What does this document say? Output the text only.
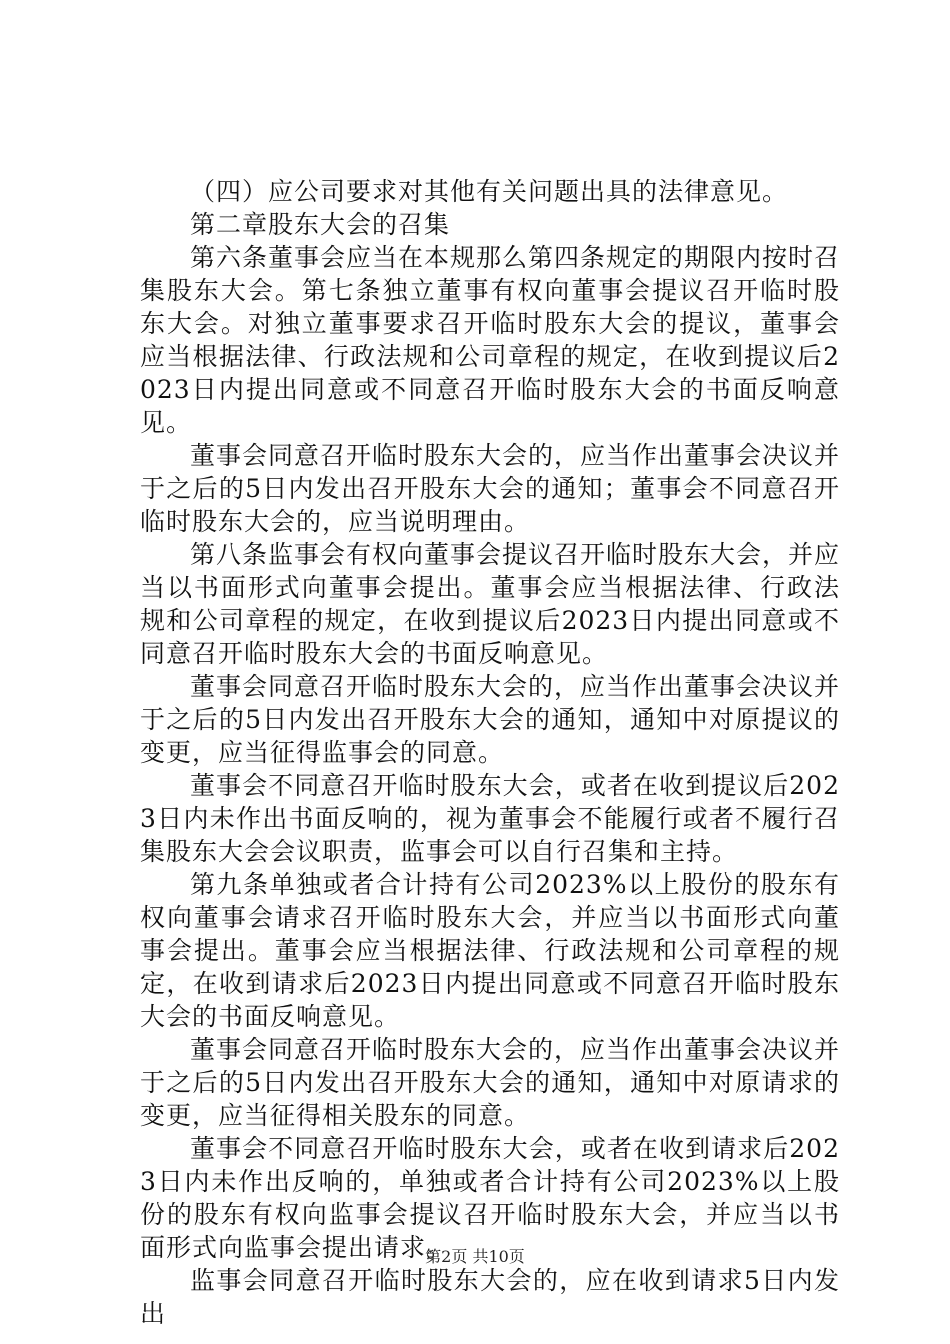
（四）应公司要求对其他有关问题出具的法律意见。

第二章股东大会的召集

第六条董事会应当在本规那么第四条规定的期限内按时召集股东大会。第七条独立董事有权向董事会提议召开临时股东大会。对独立董事要求召开临时股东大会的提议，董事会应当根据法律、行政法规和公司章程的规定，在收到提议后2023日内提出同意或不同意召开临时股东大会的书面反响意见。

董事会同意召开临时股东大会的，应当作出董事会决议并于之后的5日内发出召开股东大会的通知；董事会不同意召开临时股东大会的，应当说明理由。

第八条监事会有权向董事会提议召开临时股东大会，并应当以书面形式向董事会提出。董事会应当根据法律、行政法规和公司章程的规定，在收到提议后2023日内提出同意或不同意召开临时股东大会的书面反响意见。

董事会同意召开临时股东大会的，应当作出董事会决议并于之后的5日内发出召开股东大会的通知，通知中对原提议的变更，应当征得监事会的同意。

董事会不同意召开临时股东大会，或者在收到提议后2023日内未作出书面反响的，视为董事会不能履行或者不履行召集股东大会会议职责，监事会可以自行召集和主持。

第九条单独或者合计持有公司2023%以上股份的股东有权向董事会请求召开临时股东大会，并应当以书面形式向董事会提出。董事会应当根据法律、行政法规和公司章程的规定，在收到请求后2023日内提出同意或不同意召开临时股东大会的书面反响意见。

董事会同意召开临时股东大会的，应当作出董事会决议并于之后的5日内发出召开股东大会的通知，通知中对原请求的变更，应当征得相关股东的同意。

董事会不同意召开临时股东大会，或者在收到请求后2023日内未作出反响的，单独或者合计持有公司2023%以上股份的股东有权向监事会提议召开临时股东大会，并应当以书面形式向监事会提出请求。

监事会同意召开临时股东大会的，应在收到请求5日内发出

第2页 共10页
